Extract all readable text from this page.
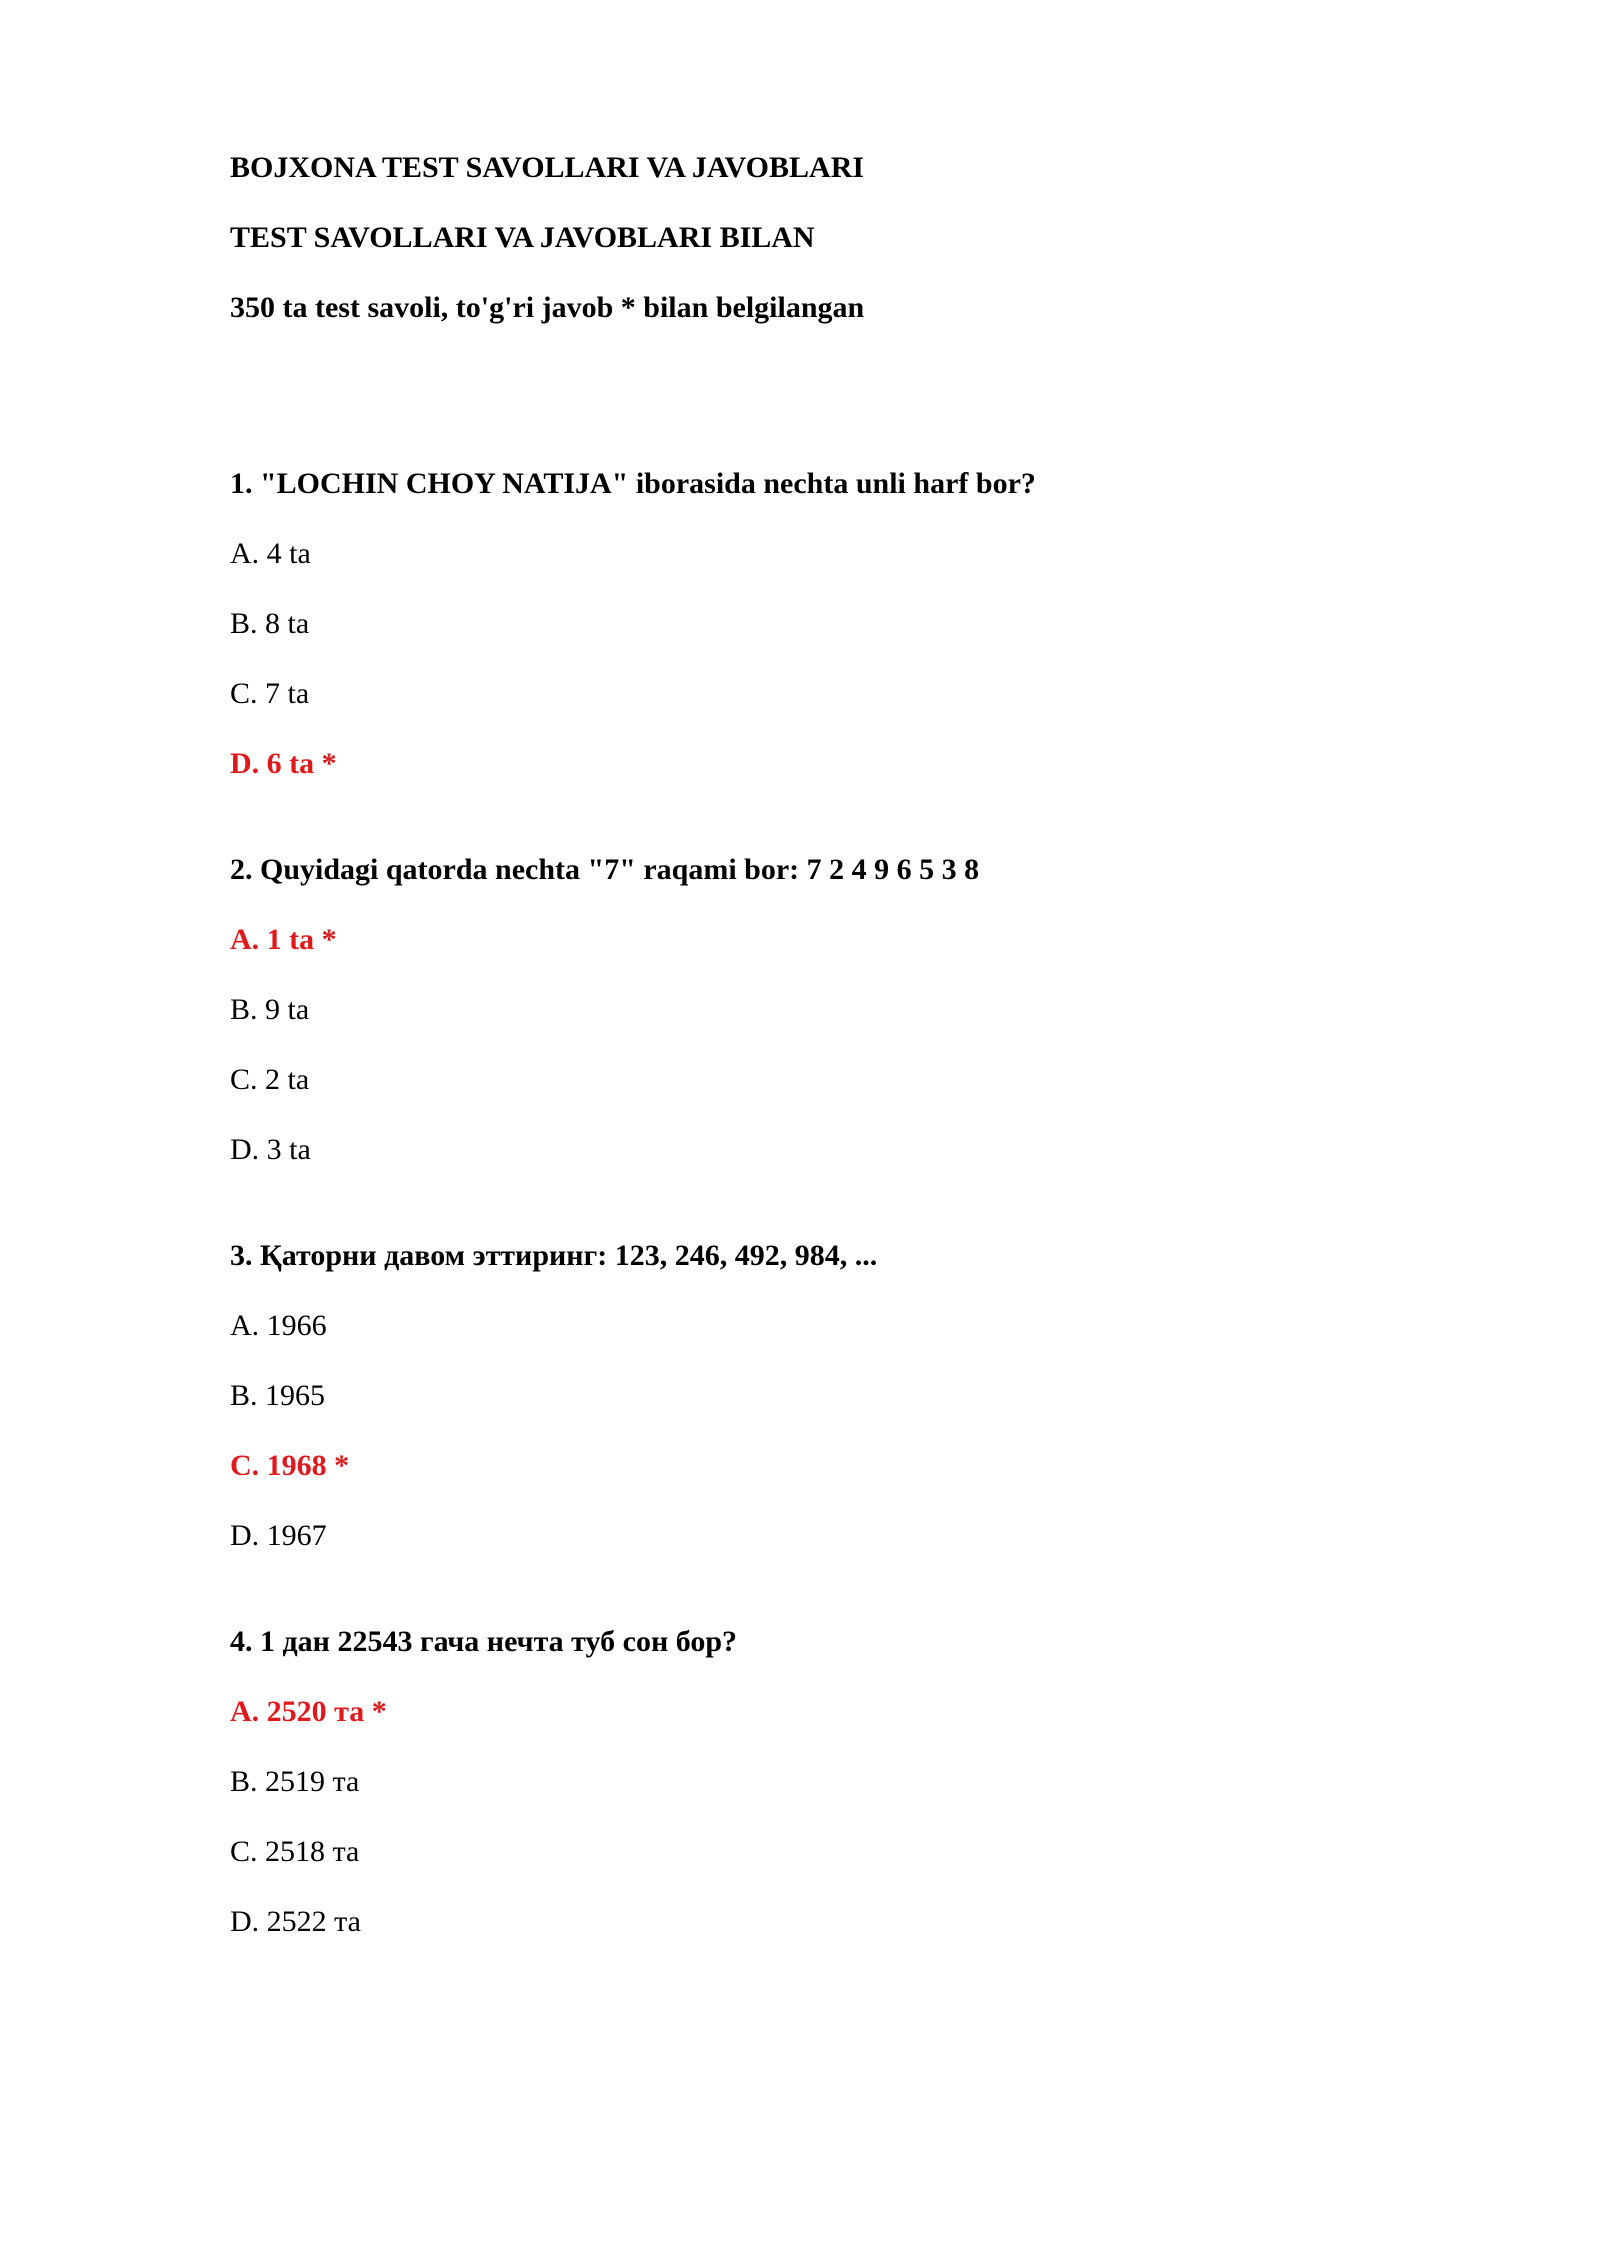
BOJXONA TEST SAVOLLARI VA JAVOBLARI

TEST SAVOLLARI VA JAVOBLARI BILAN

350 ta test savoli, to'g'ri javob * bilan belgilangan

1. "LOCHIN CHOY NATIJA" iborasida nechta unli harf bor?

A. 4 ta

B. 8 ta

C. 7 ta

D. 6 ta *

2. Quyidagi qatorda nechta "7" raqami bor: 7 2 4 9 6 5 3 8

A. 1 ta *

B. 9 ta

C. 2 ta

D. 3 ta

3. Қаторни давом эттиринг: 123, 246, 492, 984, ...

A. 1966

B. 1965

C. 1968 *

D. 1967

4. 1 дан 22543 гача нечта туб сон бор?

A. 2520 та *

B. 2519 та

C. 2518 та

D. 2522 та
